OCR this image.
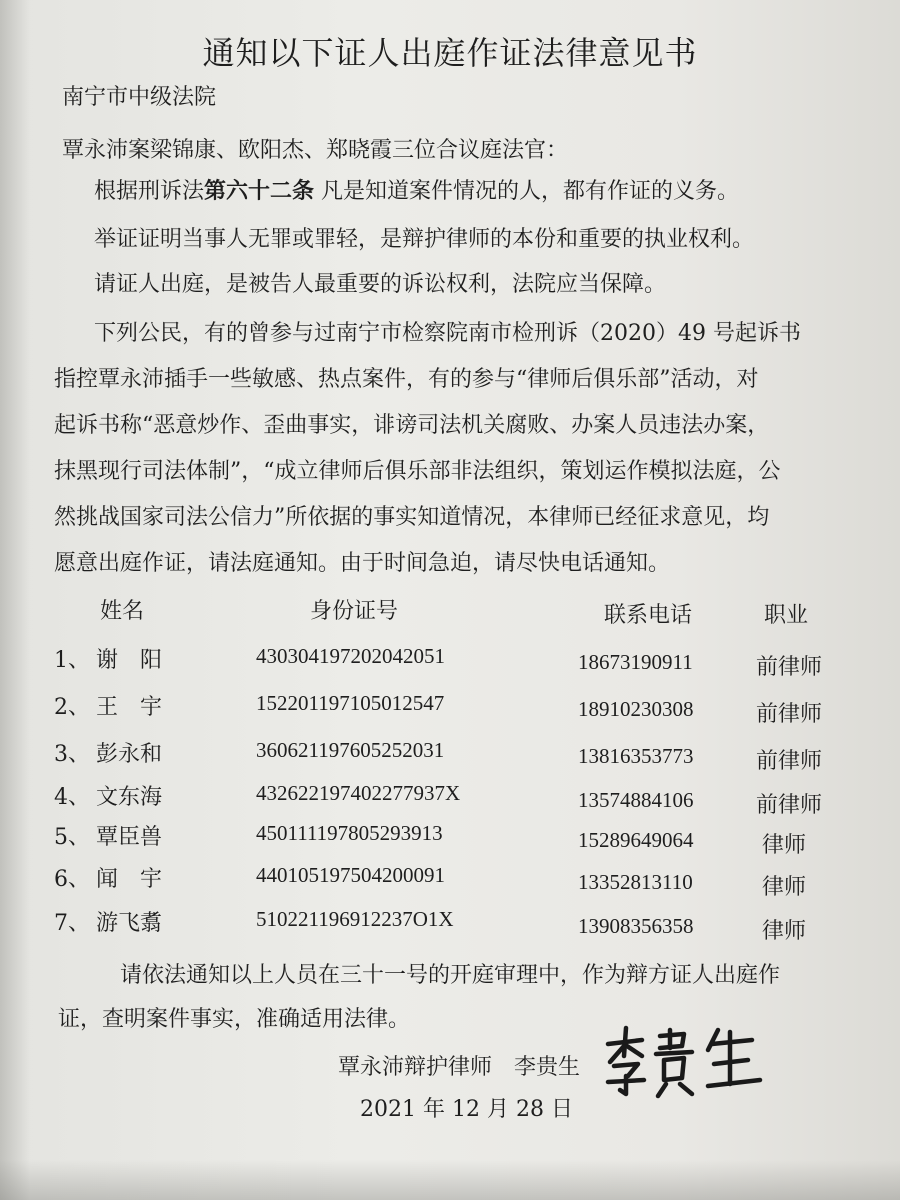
通知以下证人出庭作证法律意见书
南宁市中级法院
覃永沛案梁锦康、欧阳杰、郑晓霞三位合议庭法官：
根据刑诉法第六十二条 凡是知道案件情况的人，都有作证的义务。
举证证明当事人无罪或罪轻，是辩护律师的本份和重要的执业权利。
请证人出庭，是被告人最重要的诉讼权利，法院应当保障。
下列公民，有的曾参与过南宁市检察院南市检刑诉（2020）49 号起诉书
指控覃永沛插手一些敏感、热点案件，有的参与“律师后俱乐部”活动，对
起诉书称“恶意炒作、歪曲事实，诽谤司法机关腐败、办案人员违法办案，
抹黑现行司法体制”，“成立律师后俱乐部非法组织，策划运作模拟法庭，公
然挑战国家司法公信力”所依据的事实知道情况，本律师已经征求意见，均
愿意出庭作证，请法庭通知。由于时间急迫，请尽快电话通知。
姓名	身份证号	联系电话	职业
1、 谢　阳	430304197202042051	18673190911	前律师
2、 王　宇	152201197105012547	18910230308	前律师
3、 彭永和	360621197605252031	13816353773	前律师
4、 文东海	432622197402277937X	13574884106	前律师
5、 覃臣兽	450111197805293913	15289649064	律师
6、 闻　宇	440105197504200091	13352813110	律师
7、 游飞翥	510221196912237O1X	13908356358	律师
请依法通知以上人员在三十一号的开庭审理中，作为辩方证人出庭作
证，查明案件事实，准确适用法律。
覃永沛辩护律师 李贵生
2021 年 12 月 28 日
